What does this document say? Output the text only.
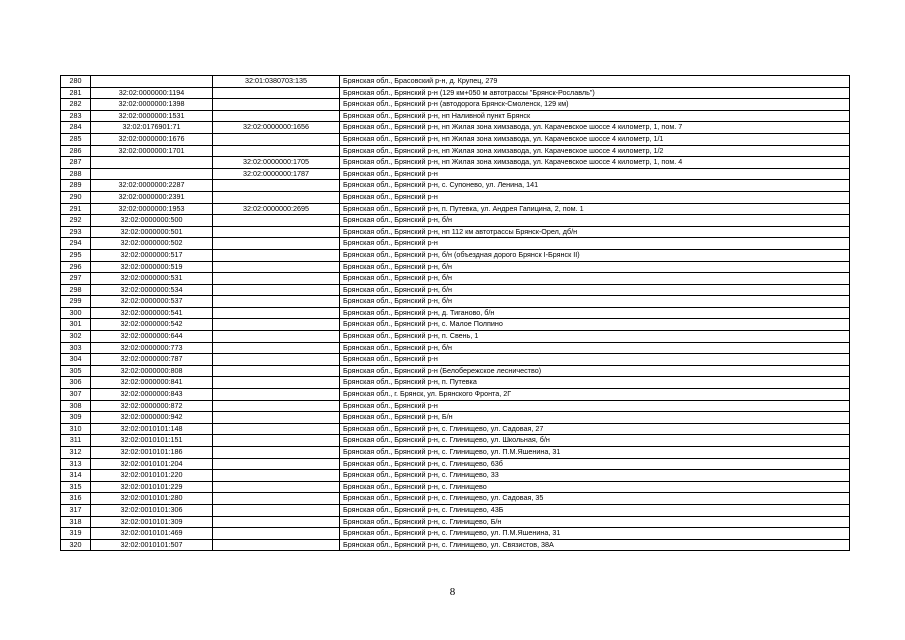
280		32:01:0380703:135	Брянская обл., Брасовский р-н, д. Крупец, 279
281	32:02:0000000:1194		Брянская обл., Брянский р-н (129 км+050 м автотрассы "Брянск-Рославль")
282	32:02:0000000:1398		Брянская обл., Брянский р-н (автодорога Брянск-Смоленск, 129 км)
283	32:02:0000000:1531		Брянская обл., Брянский р-н, нп Наливной пункт Брянск
284	32:02:0176901:71	32:02:0000000:1656	Брянская обл., Брянский р-н, нп Жилая зона химзавода, ул. Карачевское шоссе 4 километр, 1, пом. 7
285	32:02:0000000:1676		Брянская обл., Брянский р-н, нп Жилая зона химзавода, ул. Карачевское шоссе 4 километр, 1/1
286	32:02:0000000:1701		Брянская обл., Брянский р-н, нп Жилая зона химзавода, ул. Карачевское шоссе 4 километр, 1/2
287		32:02:0000000:1705	Брянская обл., Брянский р-н, нп Жилая зона химзавода, ул. Карачевское шоссе 4 километр, 1, пом. 4
288		32:02:0000000:1787	Брянская обл., Брянский р-н
289	32:02:0000000:2287		Брянская обл., Брянский р-н, с. Супонево, ул. Ленина, 141
290	32:02:0000000:2391		Брянская обл., Брянский р-н
291	32:02:0000000:1953	32:02:0000000:2695	Брянская обл., Брянский р-н, п. Путевка, ул. Андрея Гапицина, 2, пом. 1
292	32:02:0000000:500		Брянская обл., Брянский р-н, б/н
293	32:02:0000000:501		Брянская обл., Брянский р-н, нп 112 км автотрассы Брянск-Орел, дб/н
294	32:02:0000000:502		Брянская обл., Брянский р-н
295	32:02:0000000:517		Брянская обл., Брянский р-н, б/н (объездная дорого Брянск I-Брянск II)
296	32:02:0000000:519		Брянская обл., Брянский р-н, б/н
297	32:02:0000000:531		Брянская обл., Брянский р-н, б/н
298	32:02:0000000:534		Брянская обл., Брянский р-н, б/н
299	32:02:0000000:537		Брянская обл., Брянский р-н, б/н
300	32:02:0000000:541		Брянская обл., Брянский р-н, д. Тиганово, б/н
301	32:02:0000000:542		Брянская обл., Брянский р-н, с. Малое Полпино
302	32:02:0000000:644		Брянская обл., Брянский р-н, п. Свень, 1
303	32:02:0000000:773		Брянская обл., Брянский р-н, б/н
304	32:02:0000000:787		Брянская обл., Брянский р-н
305	32:02:0000000:808		Брянская обл., Брянский р-н (Белобережское лесничество)
306	32:02:0000000:841		Брянская обл., Брянский р-н, п. Путевка
307	32:02:0000000:843		Брянская обл., г. Брянск, ул. Брянского Фронта, 2Г
308	32:02:0000000:872		Брянская обл., Брянский р-н
309	32:02:0000000:942		Брянская обл., Брянский р-н, Б/н
310	32:02:0010101:148		Брянская обл., Брянский р-н, с. Глинищево, ул. Садовая, 27
311	32:02:0010101:151		Брянская обл., Брянский р-н, с. Глинищево, ул. Школьная, б/н
312	32:02:0010101:186		Брянская обл., Брянский р-н, с. Глинищево, ул. П.М.Яшенина, 31
313	32:02:0010101:204		Брянская обл., Брянский р-н, с. Глинищево, 63б
314	32:02:0010101:220		Брянская обл., Брянский р-н, с. Глинищево, 33
315	32:02:0010101:229		Брянская обл., Брянский р-н, с. Глинищево
316	32:02:0010101:280		Брянская обл., Брянский р-н, с. Глинищево, ул. Садовая, 35
317	32:02:0010101:306		Брянская обл., Брянский р-н, с. Глинищево, 43Б
318	32:02:0010101:309		Брянская обл., Брянский р-н, с. Глинищево, Б/н
319	32:02:0010101:469		Брянская обл., Брянский р-н, с. Глинищево, ул. П.М.Яшенина, 31
320	32:02:0010101:507		Брянская обл., Брянский р-н, с. Глинищево, ул. Связистов, 38А
8
